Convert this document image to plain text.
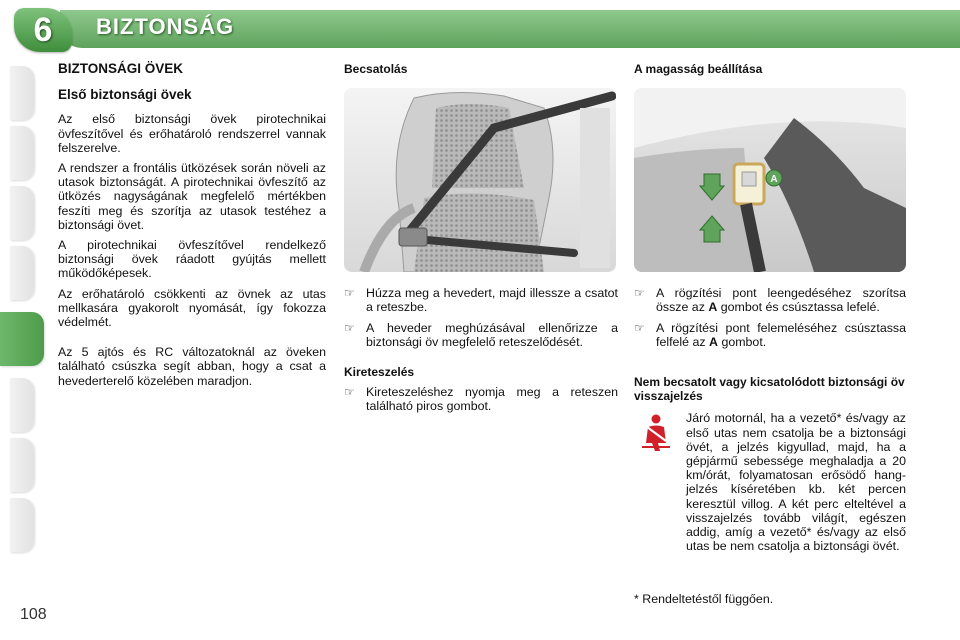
6	BIZTONSÁG
BIZTONSÁGI ÖVEK
Első biztonsági övek

Az első biztonsági övek pirotechnikai övfeszítővel és erőhatároló rendszerrel vannak felszerelve.

A rendszer a frontális ütközések során növeli az utasok biztonságát. A pirotechnikai övfeszítő az ütközés nagyságának megfelelő mértékben feszíti meg és szorítja az utasok testéhez a biztonsági övet.

A pirotechnikai övfeszítővel rendelkező biztonsági övek ráadott gyújtás mellett működőképesek.

Az erőhatároló csökkenti az övnek az utas mellkasára gyakorolt nyomását, így fokozza védelmét.

Az 5 ajtós és RC változatoknál az öveken található csúszka segít abban, hogy a csat a hevederterelő közelében maradjon.

Becsatolás
☞ Húzza meg a hevedert, majd illessze a csatot a reteszbe.
☞ A heveder meghúzásával ellenőrizze a biztonsági öv megfelelő reteszelődését.
Kireteszelés
☞ Kireteszeléshez nyomja meg a reteszen található piros gombot.
A magasság beállítása
A
☞ A rögzítési pont leengedéséhez szorítsa össze az A gombot és csúsztassa lefelé.
☞ A rögzítési pont felemeléséhez csúsztassa felfelé az A gombot.
Nem becsatolt vagy kicsatolódott biztonsági öv visszajelzés

Járó motornál, ha a vezető* és/vagy az első utas nem csatolja be a biztonsági övét, a jelzés kigyullad, majd, ha a gépjármű sebessége meghaladja a 20 km/órát, folyamatosan erősödő hangjelzés kíséretében kb. két percen keresztül villog. A két perc elteltével a visszajelzés tovább világít, egészen addig, amíg a vezető* és/vagy az első utas be nem csatolja a biztonsági övét.

* Rendeltetéstől függően.
108
